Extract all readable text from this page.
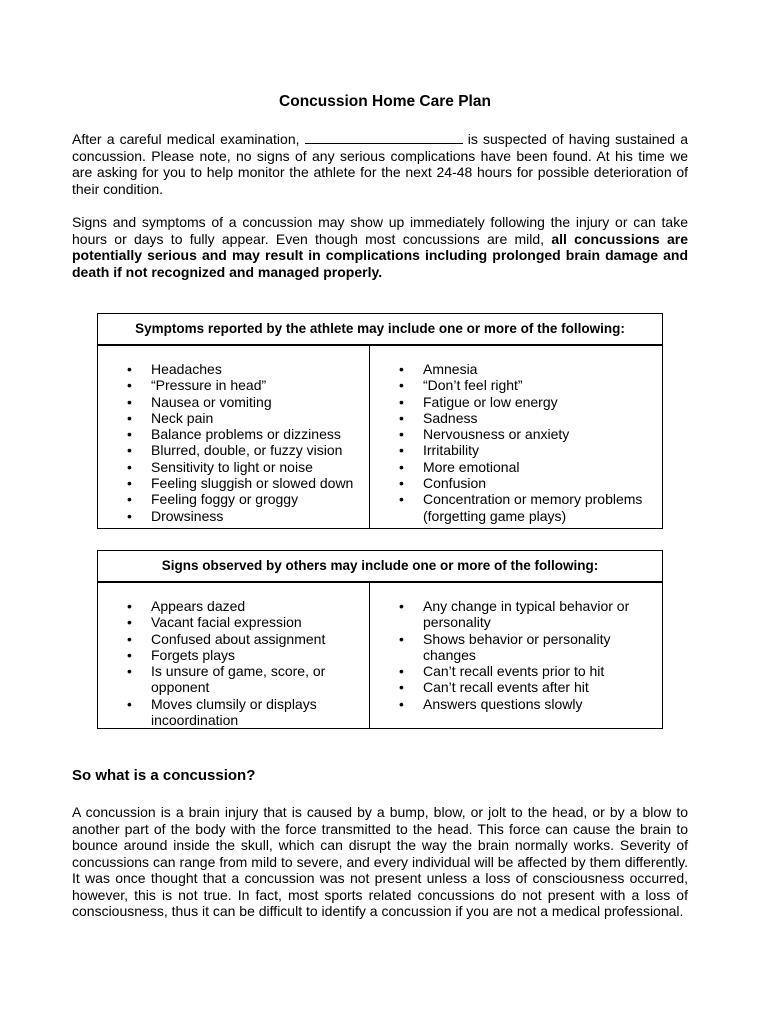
Concussion Home Care Plan
After a careful medical examination,	is suspected of having sustained a concussion. Please note, no signs of any serious complications have been found. At his time we are asking for you to help monitor the athlete for the next 24-48 hours for possible deterioration of their condition.
Signs and symptoms of a concussion may show up immediately following the injury or can take hours or days to fully appear. Even though most concussions are mild, all concussions are potentially serious and may result in complications including prolonged brain damage and death if not recognized and managed properly.
Symptoms reported by the athlete may include one or more of the following:
• Headaches
• “Pressure in head”
• Nausea or vomiting
• Neck pain
• Balance problems or dizziness
• Blurred, double, or fuzzy vision
• Sensitivity to light or noise
• Feeling sluggish or slowed down
• Feeling foggy or groggy
• Drowsiness
• Amnesia
• “Don’t feel right”
• Fatigue or low energy
• Sadness
• Nervousness or anxiety
• Irritability
• More emotional
• Confusion
• Concentration or memory problems (forgetting game plays)
Signs observed by others may include one or more of the following:
• Appears dazed
• Vacant facial expression
• Confused about assignment
• Forgets plays
• Is unsure of game, score, or opponent
• Moves clumsily or displays incoordination
• Any change in typical behavior or personality
• Shows behavior or personality changes
• Can’t recall events prior to hit
• Can’t recall events after hit
• Answers questions slowly
So what is a concussion?
A concussion is a brain injury that is caused by a bump, blow, or jolt to the head, or by a blow to another part of the body with the force transmitted to the head. This force can cause the brain to bounce around inside the skull, which can disrupt the way the brain normally works. Severity of concussions can range from mild to severe, and every individual will be affected by them differently. It was once thought that a concussion was not present unless a loss of consciousness occurred, however, this is not true. In fact, most sports related concussions do not present with a loss of consciousness, thus it can be difficult to identify a concussion if you are not a medical professional.
